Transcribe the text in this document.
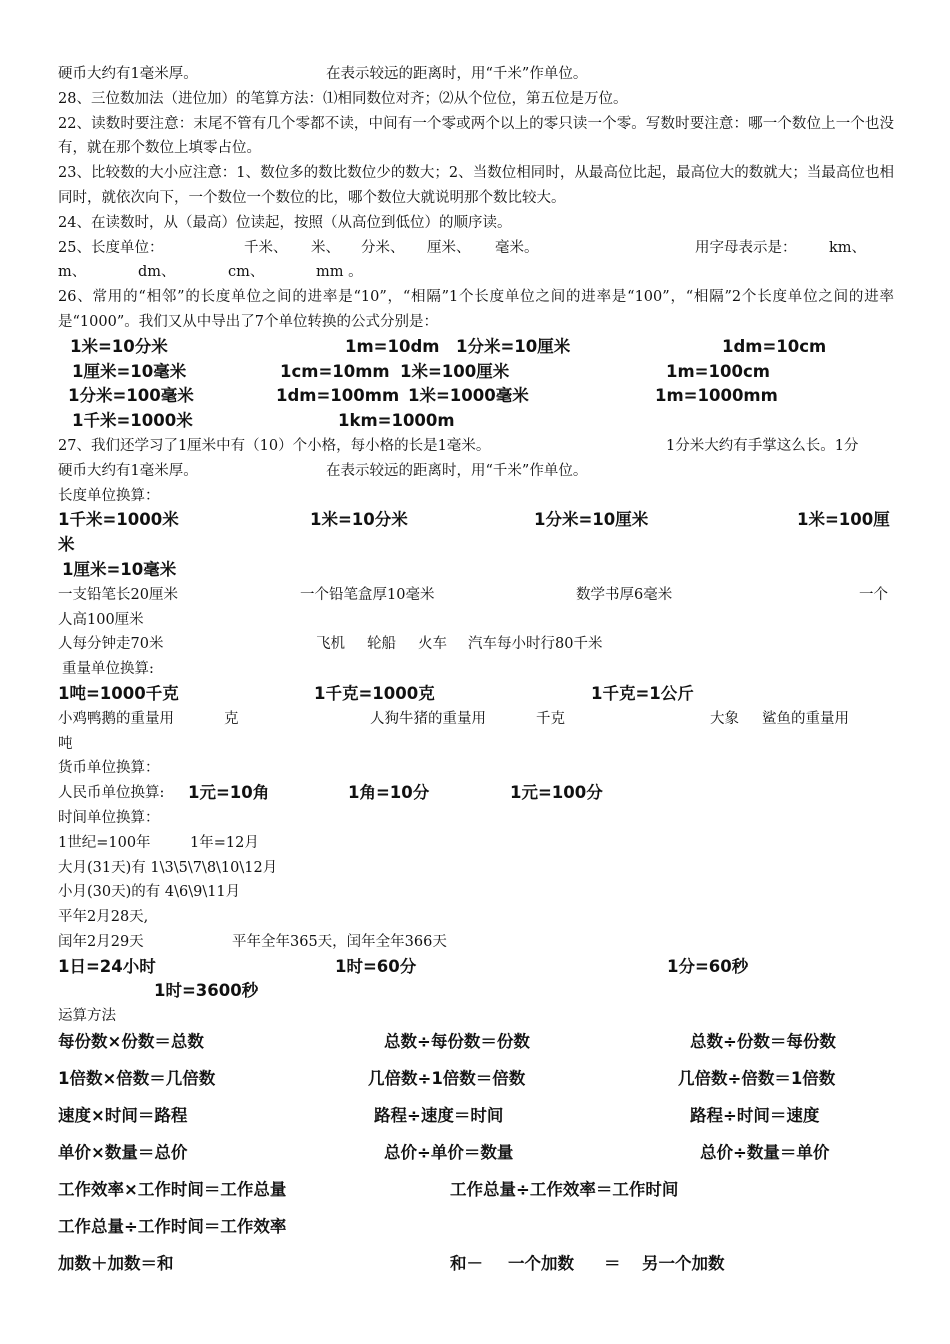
硬币大约有1毫米厚。	在表示较远的距离时，用“千米”作单位。
28、三位数加法（进位加）的笔算方法：⑴相同数位对齐；⑵从个位位，第五位是万位。
22、读数时要注意：末尾不管有几个零都不读，中间有一个零或两个以上的零只读一个零。写数时要注意：哪一个数位上一个也没有，就在那个数位上填零占位。
23、比较数的大小应注意：1、数位多的数比数位少的数大；2、当数位相同时，从最高位比起，最高位大的数就大；当最高位也相同时，就依次向下，一个数位一个数位的比，哪个数位大就说明那个数比较大。
24、在读数时，从（最高）位读起，按照（从高位到低位）的顺序读。
25、长度单位：	千米、 米、 分米、 厘米、 毫米。	用字母表示是： km、
m、	dm、	cm、	mm 。
26、常用的“相邻”的长度单位之间的进率是“10”，“相隔”1个长度单位之间的进率是“100”，“相隔”2个长度单位之间的进率是“1000”。我们又从中导出了7个单位转换的公式分别是：
1米=10分米	1m=10dm 1分米=10厘米	1dm=10cm
1厘米=10毫米	1cm=10mm 1米=100厘米	1m=100cm
1分米=100毫米	1dm=100mm 1米=1000毫米	1m=1000mm
1千米=1000米	1km=1000m
27、我们还学习了1厘米中有（10）个小格，每小格的长是1毫米。	1分米大约有手掌这么长。1分
硬币大约有1毫米厚。	在表示较远的距离时，用“千米”作单位。
长度单位换算：
1千米=1000米	1米=10分米	1分米=10厘米	1米=100厘
米
1厘米=10毫米
一支铅笔长20厘米	一个铅笔盒厚10毫米	数学书厚6毫米	一个
人高100厘米
人每分钟走70米	飞机 轮船 火车 汽车每小时行80千米
重量单位换算:
1吨=1000千克	1千克=1000克	1千克=1公斤
小鸡鸭鹅的重量用	克	人狗牛猪的重量用	千克	大象 鲨鱼的重量用
吨
货币单位换算：
人民币单位换算: 1元=10角	1角=10分	1元=100分
时间单位换算：
1世纪=100年	1年=12月
大月(31天)有 1\3\5\7\8\10\12月
小月(30天)的有 4\6\9\11月
平年2月28天,
闰年2月29天	平年全年365天，闰年全年366天
1日=24小时	1时=60分	1分=60秒
1时=3600秒
运算方法
每份数×份数＝总数	总数÷每份数＝份数	总数÷份数＝每份数
1倍数×倍数＝几倍数	几倍数÷1倍数＝倍数	几倍数÷倍数＝1倍数
速度×时间＝路程	路程÷速度＝时间	路程÷时间＝速度
单价×数量＝总价	总价÷单价＝数量	总价÷数量＝单价
工作效率×工作时间＝工作总量	工作总量÷工作效率＝工作时间
工作总量÷工作时间＝工作效率
加数＋加数＝和	和－ 一个加数 ＝ 另一个加数
